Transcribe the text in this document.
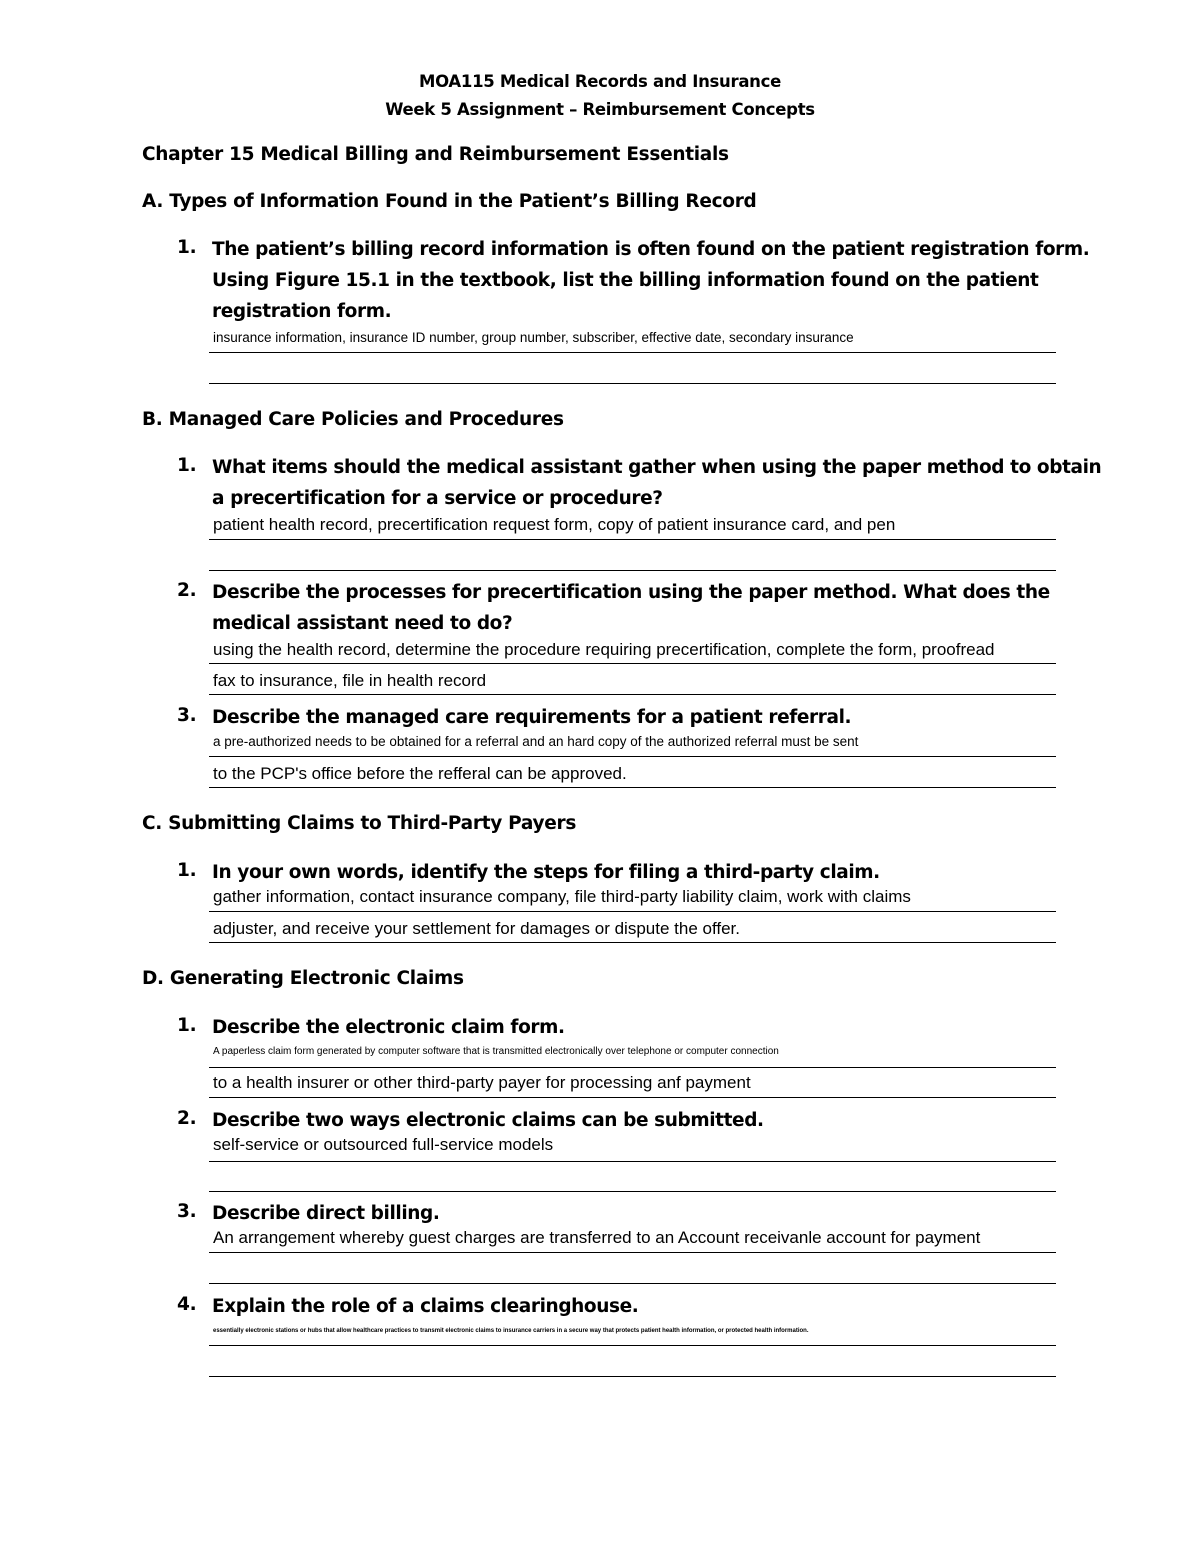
MOA115 Medical Records and Insurance
Week 5 Assignment – Reimbursement Concepts
Chapter 15 Medical Billing and Reimbursement Essentials
A. Types of Information Found in the Patient’s Billing Record
1. The patient’s billing record information is often found on the patient registration form.
Using Figure 15.1 in the textbook, list the billing information found on the patient
registration form.
insurance information, insurance ID number, group number, subscriber, effective date, secondary insurance
B. Managed Care Policies and Procedures
1. What items should the medical assistant gather when using the paper method to obtain
a precertification for a service or procedure?
patient health record, precertification request form, copy of patient insurance card, and pen
2. Describe the processes for precertification using the paper method. What does the
medical assistant need to do?
using the health record, determine the procedure requiring precertification, complete the form, proofread
fax to insurance, file in health record
3. Describe the managed care requirements for a patient referral.
a pre-authorized needs to be obtained for a referral and an hard copy of the authorized referral must be sent
to the PCP's office before the refferal can be approved.
C. Submitting Claims to Third-Party Payers
1. In your own words, identify the steps for filing a third-party claim.
gather information, contact insurance company, file third-party liability claim, work with claims
adjuster, and receive your settlement for damages or dispute the offer.
D. Generating Electronic Claims
1. Describe the electronic claim form.
A paperless claim form generated by computer software that is transmitted electronically over telephone or computer connection
to a health insurer or other third-party payer for processing anf payment
2. Describe two ways electronic claims can be submitted.
self-service or outsourced full-service models
3. Describe direct billing.
An arrangement whereby guest charges are transferred to an Account receivanle account for payment
4. Explain the role of a claims clearinghouse.
essentially electronic stations or hubs that allow healthcare practices to transmit electronic claims to insurance carriers in a secure way that protects patient health information, or protected health information.
